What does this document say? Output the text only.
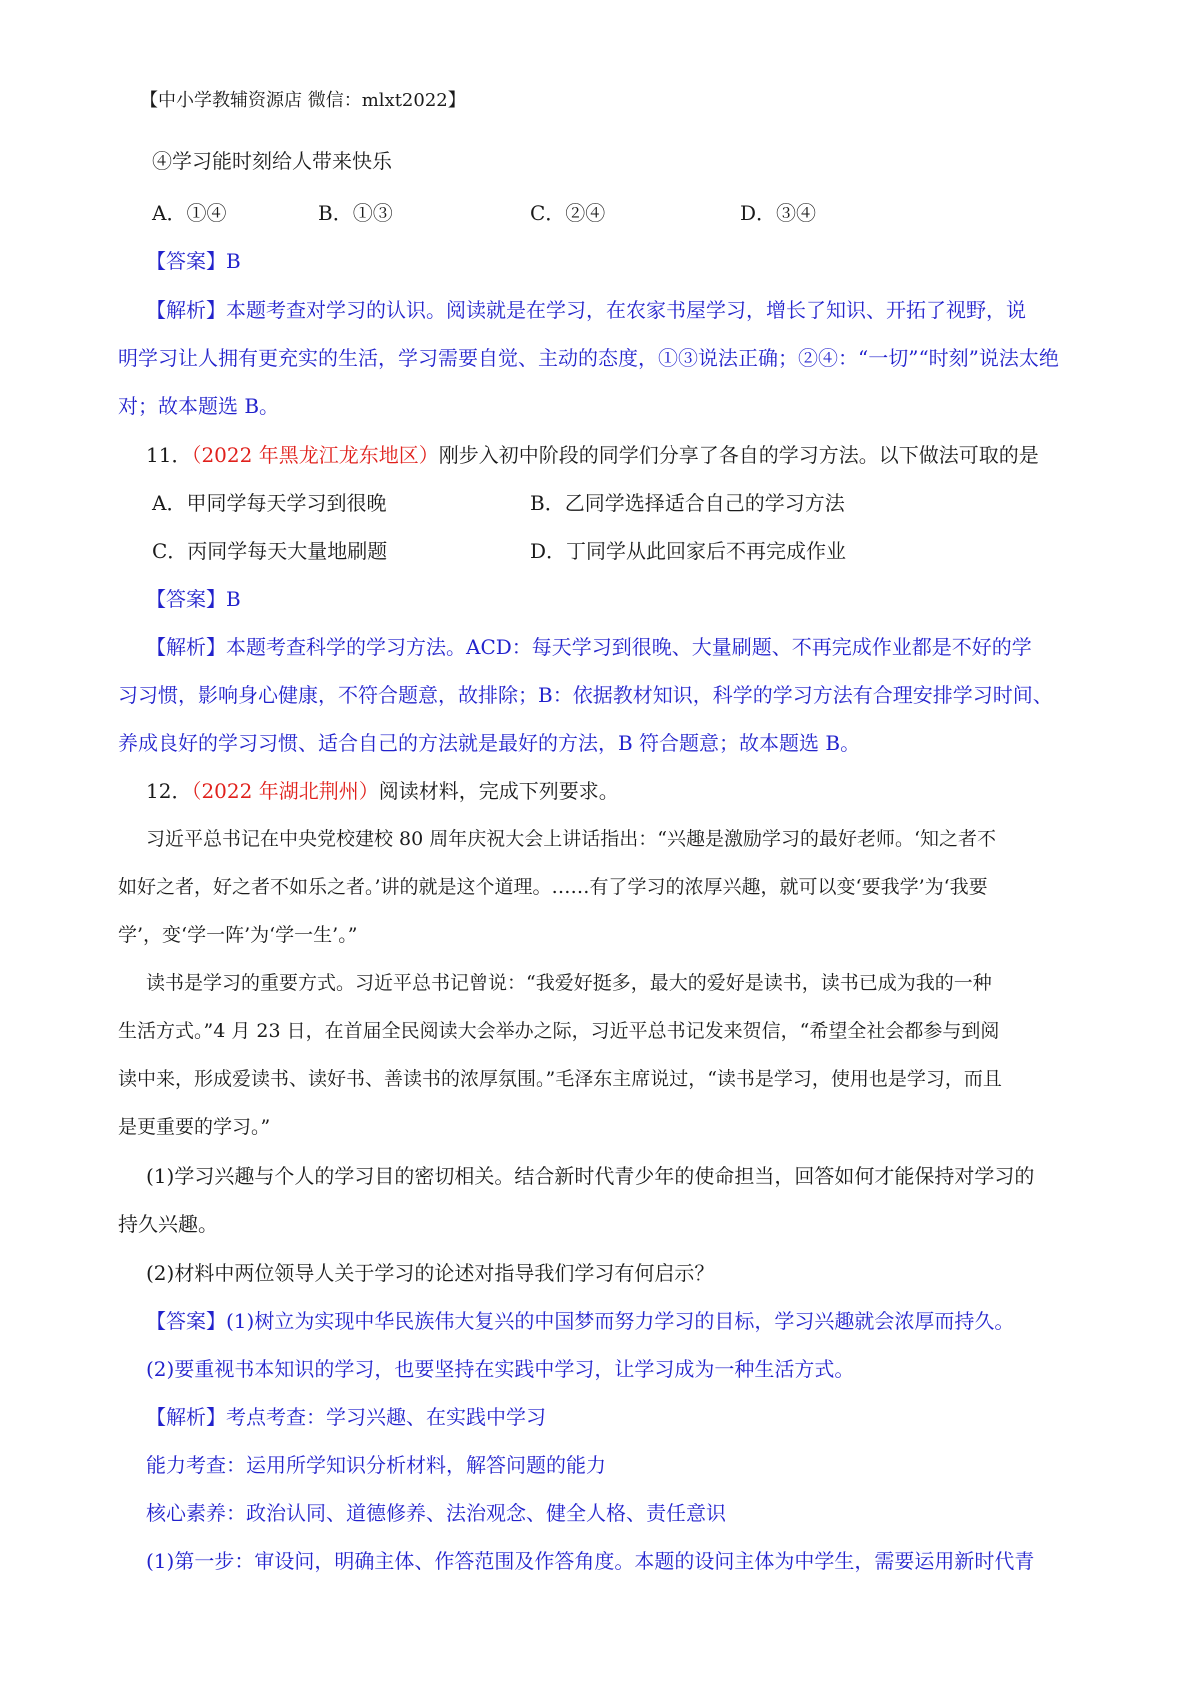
【中小学教辅资源店 微信：mlxt2022】
④学习能时刻给人带来快乐
A．①④	B．①③	C．②④	D．③④
【答案】B
【解析】本题考查对学习的认识。阅读就是在学习，在农家书屋学习，增长了知识、开拓了视野，说
明学习让人拥有更充实的生活，学习需要自觉、主动的态度，①③说法正确；②④：“一切”“时刻”说法太绝
对；故本题选 B。
11．（2022 年黑龙江龙东地区）刚步入初中阶段的同学们分享了各自的学习方法。以下做法可取的是
A．甲同学每天学习到很晚	B．乙同学选择适合自己的学习方法
C．丙同学每天大量地刷题	D．丁同学从此回家后不再完成作业
【答案】B
【解析】本题考查科学的学习方法。ACD：每天学习到很晚、大量刷题、不再完成作业都是不好的学
习习惯，影响身心健康，不符合题意，故排除；B：依据教材知识，科学的学习方法有合理安排学习时间、
养成良好的学习习惯、适合自己的方法就是最好的方法，B 符合题意；故本题选 B。
12．（2022 年湖北荆州）阅读材料，完成下列要求。
习近平总书记在中央党校建校 80 周年庆祝大会上讲话指出：“兴趣是激励学习的最好老师。‘知之者不
如好之者，好之者不如乐之者。’讲的就是这个道理。……有了学习的浓厚兴趣，就可以变‘要我学’为‘我要
学’，变‘学一阵’为‘学一生’。”
读书是学习的重要方式。习近平总书记曾说：“我爱好挺多，最大的爱好是读书，读书已成为我的一种
生活方式。”4 月 23 日，在首届全民阅读大会举办之际，习近平总书记发来贺信，“希望全社会都参与到阅
读中来，形成爱读书、读好书、善读书的浓厚氛围。”毛泽东主席说过，“读书是学习，使用也是学习，而且
是更重要的学习。”
(1)学习兴趣与个人的学习目的密切相关。结合新时代青少年的使命担当，回答如何才能保持对学习的
持久兴趣。
(2)材料中两位领导人关于学习的论述对指导我们学习有何启示？
【答案】(1)树立为实现中华民族伟大复兴的中国梦而努力学习的目标，学习兴趣就会浓厚而持久。
(2)要重视书本知识的学习，也要坚持在实践中学习，让学习成为一种生活方式。
【解析】考点考查：学习兴趣、在实践中学习
能力考查：运用所学知识分析材料，解答问题的能力
核心素养：政治认同、道德修养、法治观念、健全人格、责任意识
(1)第一步：审设问，明确主体、作答范围及作答角度。本题的设问主体为中学生，需要运用新时代青
